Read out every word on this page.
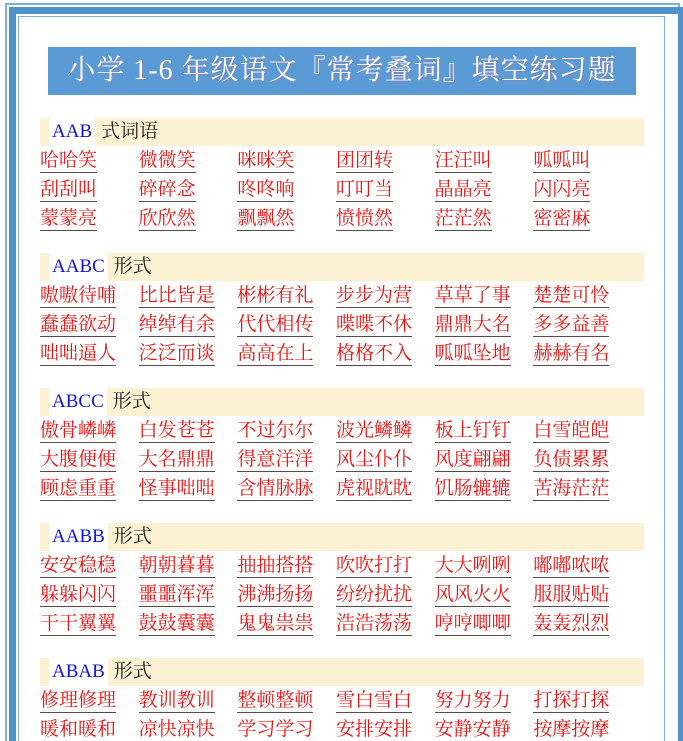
小学 1-6 年级语文『常考叠词』填空练习题
AAB 式词语
哈哈笑	微微笑	咪咪笑	团团转	汪汪叫	呱呱叫
刮刮叫	碎碎念	咚咚响	叮叮当	晶晶亮	闪闪亮
蒙蒙亮	欣欣然	飘飘然	愤愤然	茫茫然	密密麻
AABC 形式
嗷嗷待哺	比比皆是	彬彬有礼	步步为营	草草了事	楚楚可怜
蠢蠢欲动	绰绰有余	代代相传	喋喋不休	鼎鼎大名	多多益善
咄咄逼人	泛泛而谈	高高在上	格格不入	呱呱坠地	赫赫有名
ABCC 形式
傲骨嶙嶙	白发苍苍	不过尔尔	波光鳞鳞	板上钉钉	白雪皑皑
大腹便便	大名鼎鼎	得意洋洋	风尘仆仆	风度翩翩	负债累累
顾虑重重	怪事咄咄	含情脉脉	虎视眈眈	饥肠辘辘	苦海茫茫
AABB 形式
安安稳稳	朝朝暮暮	抽抽搭搭	吹吹打打	大大咧咧	嘟嘟哝哝
躲躲闪闪	噩噩浑浑	沸沸扬扬	纷纷扰扰	风风火火	服服贴贴
干干翼翼	鼓鼓囊囊	鬼鬼祟祟	浩浩荡荡	哼哼唧唧	轰轰烈烈
ABAB 形式
修理修理	教训教训	整顿整顿	雪白雪白	努力努力	打探打探
暖和暖和	凉快凉快	学习学习	安排安排	安静安静	按摩按摩
